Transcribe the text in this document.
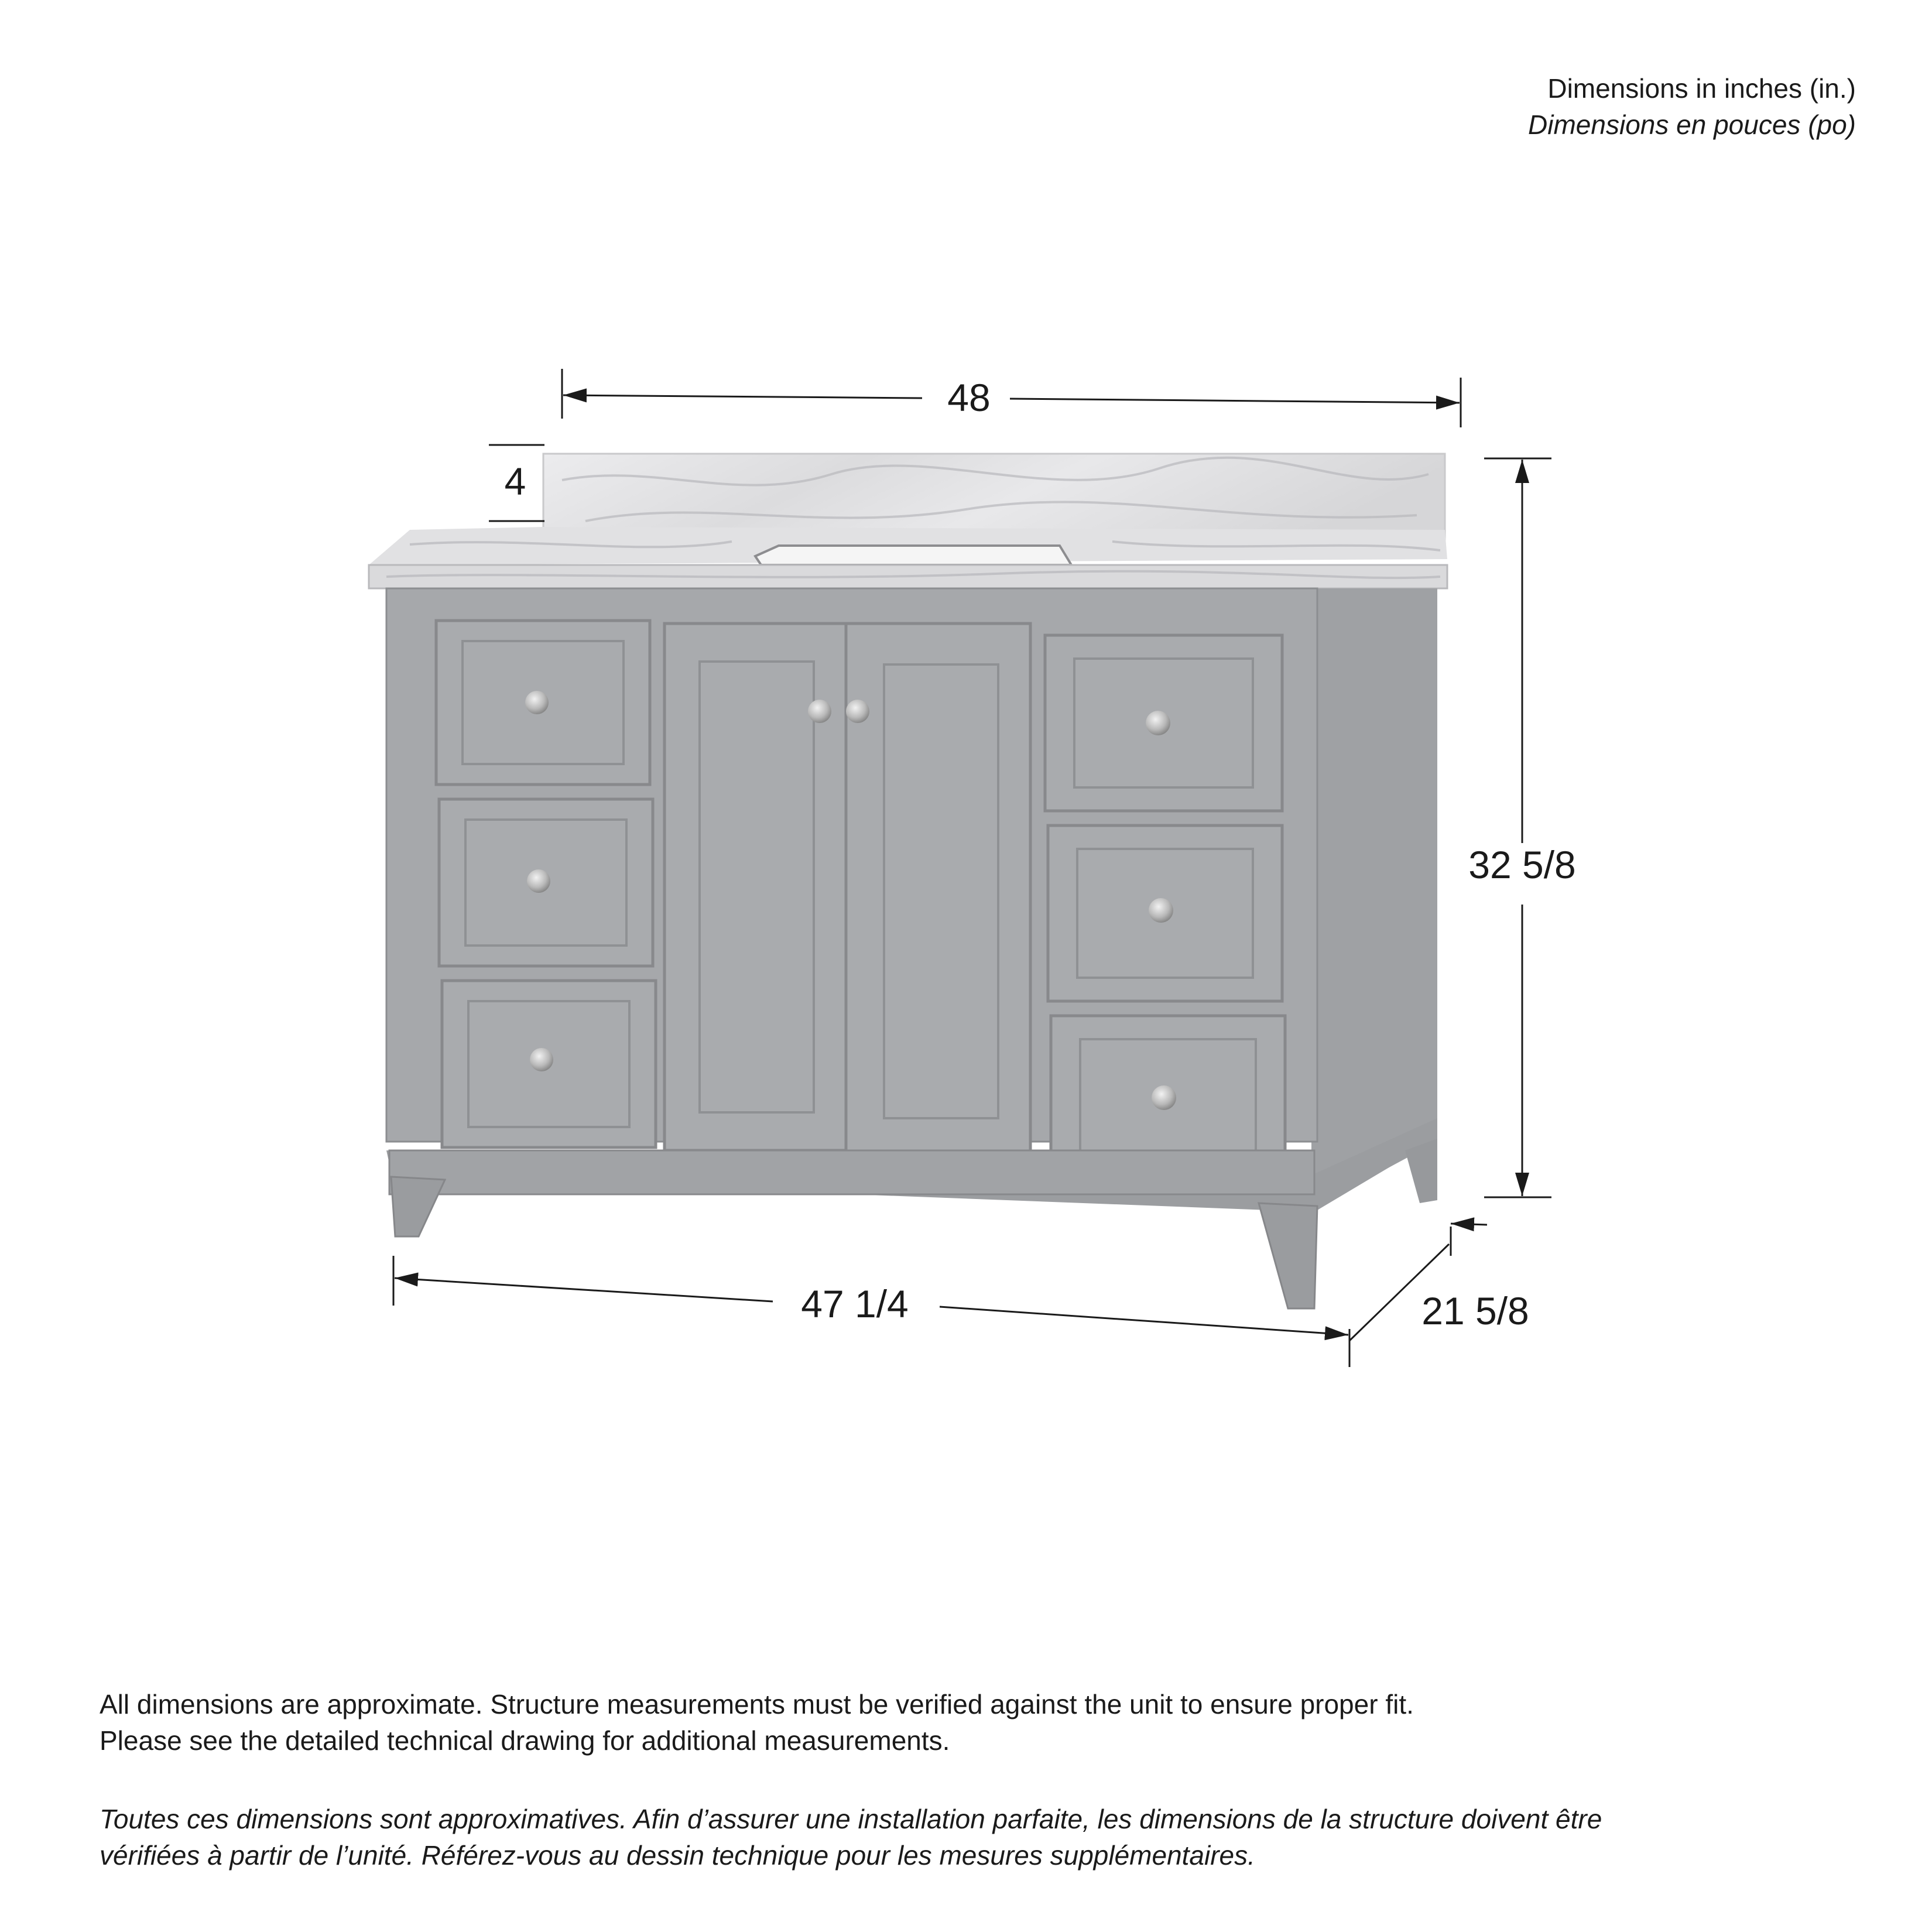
Dimensions in inches (in.)
Dimensions en pouces (po)
48
4
32 5/8
47 1/4	21 5/8

All dimensions are approximate. Structure measurements must be verified against the unit to ensure proper fit.

Please see the detailed technical drawing for additional measurements.

Toutes ces dimensions sont approximatives. Afin d’assurer une installation parfaite, les dimensions de la structure doivent être

vérifiées à partir de l’unité. Référez-vous au dessin technique pour les mesures supplémentaires.
